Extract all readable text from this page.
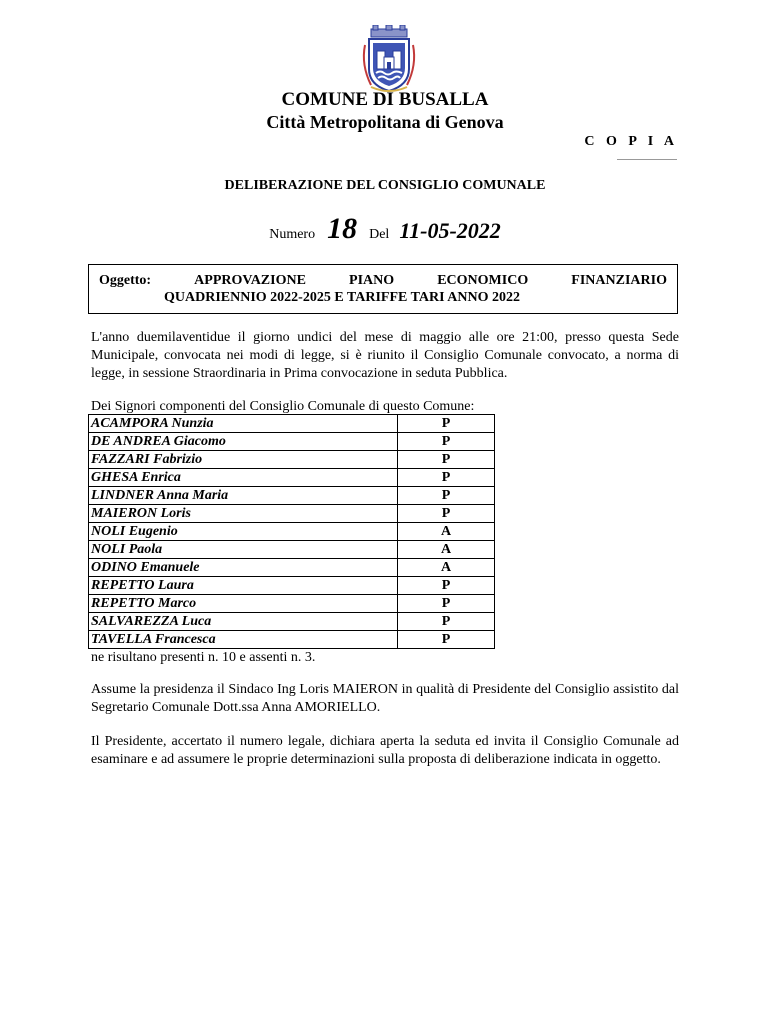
COMUNE DI BUSALLA
Città Metropolitana di Genova
C O P I A
DELIBERAZIONE DEL CONSIGLIO COMUNALE
Numero 18 Del 11-05-2022
Oggetto:	APPROVAZIONE	PIANO	ECONOMICO	FINANZIARIO
QUADRIENNIO 2022-2025 E TARIFFE TARI ANNO 2022
L'anno duemilaventidue il giorno undici del mese di maggio alle ore 21:00, presso questa Sede Municipale, convocata nei modi di legge, si è riunito il Consiglio Comunale convocato, a norma di legge, in sessione Straordinaria in Prima convocazione in seduta Pubblica.
Dei Signori componenti del Consiglio Comunale di questo Comune:
ACAMPORA Nunzia	P
DE ANDREA Giacomo	P
FAZZARI Fabrizio	P
GHESA Enrica	P
LINDNER Anna Maria	P
MAIERON Loris	P
NOLI Eugenio	A
NOLI Paola	A
ODINO Emanuele	A
REPETTO Laura	P
REPETTO Marco	P
SALVAREZZA Luca	P
TAVELLA Francesca	P
ne risultano presenti n. 10 e assenti n. 3.
Assume la presidenza il Sindaco Ing Loris MAIERON in qualità di Presidente del Consiglio assistito dal Segretario Comunale Dott.ssa Anna AMORIELLO.
Il Presidente, accertato il numero legale, dichiara aperta la seduta ed invita il Consiglio Comunale ad esaminare e ad assumere le proprie determinazioni sulla proposta di deliberazione indicata in oggetto.
